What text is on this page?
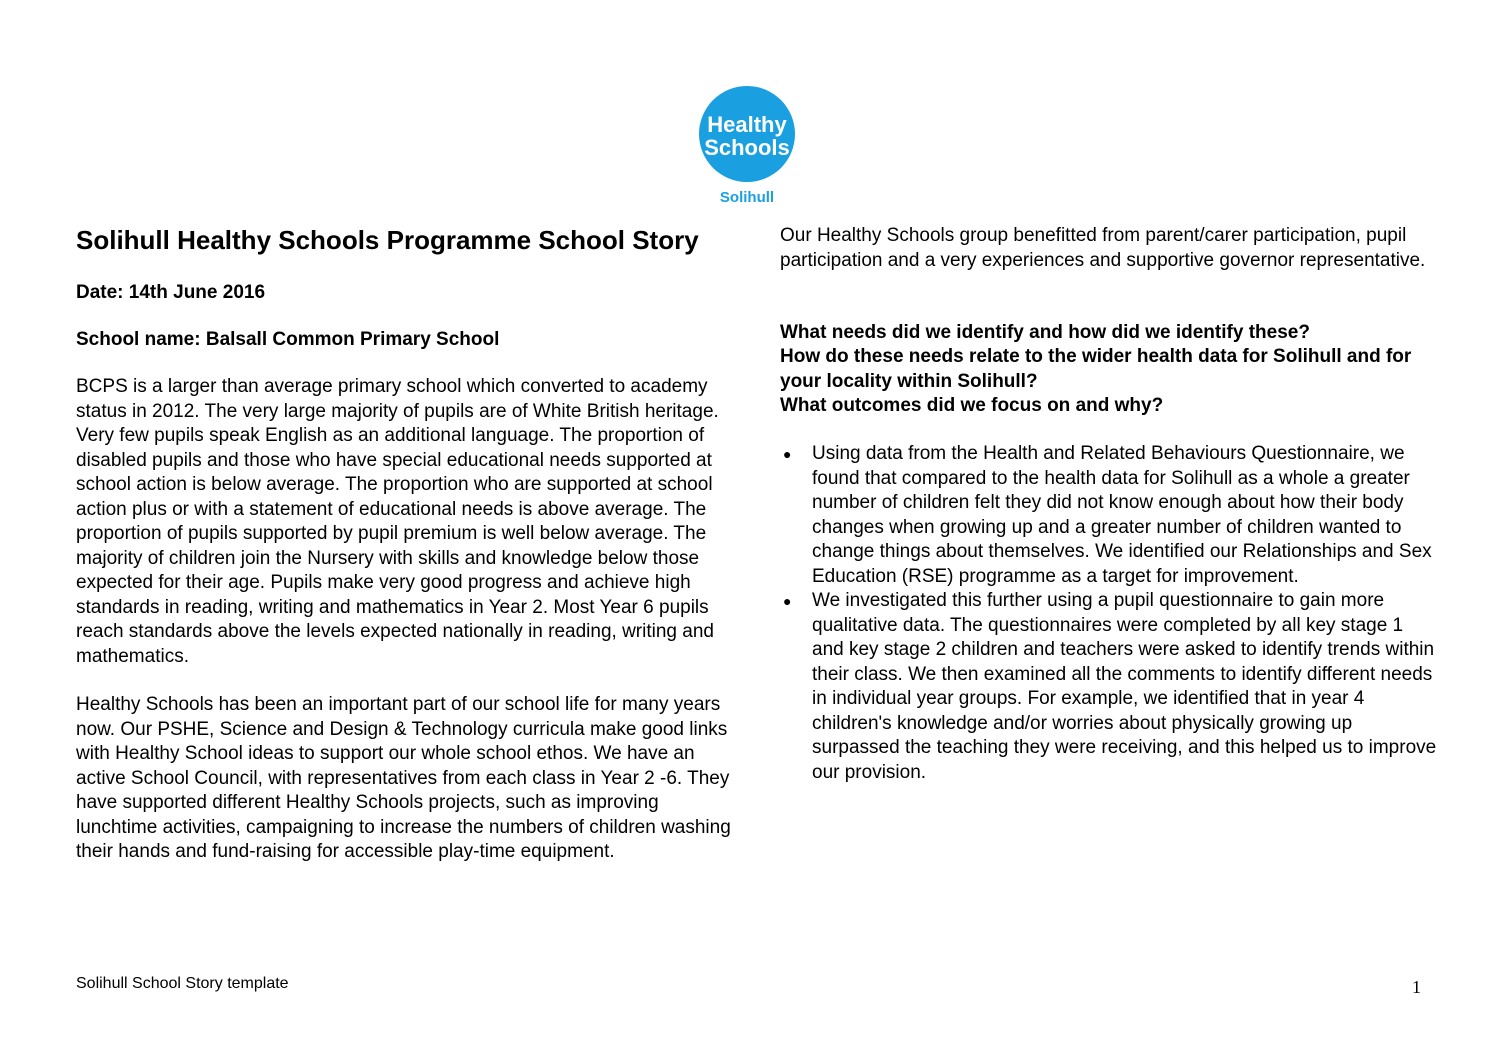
Healthy
Schools
Solihull
Solihull Healthy Schools Programme School Story
Date: 14th June 2016
School name: Balsall Common Primary School

BCPS is a larger than average primary school which converted to academy status in 2012. The very large majority of pupils are of White British heritage. Very few pupils speak English as an additional language. The proportion of disabled pupils and those who have special educational needs supported at school action is below average. The proportion who are supported at school action plus or with a statement of educational needs is above average. The proportion of pupils supported by pupil premium is well below average. The majority of children join the Nursery with skills and knowledge below those expected for their age. Pupils make very good progress and achieve high standards in reading, writing and mathematics in Year 2. Most Year 6 pupils reach standards above the levels expected nationally in reading, writing and mathematics.

Healthy Schools has been an important part of our school life for many years now. Our PSHE, Science and Design & Technology curricula make good links with Healthy School ideas to support our whole school ethos. We have an active School Council, with representatives from each class in Year 2 -6. They have supported different Healthy Schools projects, such as improving lunchtime activities, campaigning to increase the numbers of children washing their hands and fund-raising for accessible play-time equipment.

Our Healthy Schools group benefitted from parent/carer participation, pupil participation and a very experiences and supportive governor representative.

What needs did we identify and how did we identify these?
How do these needs relate to the wider health data for Solihull and for your locality within Solihull?
What outcomes did we focus on and why?
● Using data from the Health and Related Behaviours Questionnaire, we found that compared to the health data for Solihull as a whole a greater number of children felt they did not know enough about how their body changes when growing up and a greater number of children wanted to change things about themselves. We identified our Relationships and Sex Education (RSE) programme as a target for improvement.
● We investigated this further using a pupil questionnaire to gain more qualitative data. The questionnaires were completed by all key stage 1 and key stage 2 children and teachers were asked to identify trends within their class. We then examined all the comments to identify different needs in individual year groups. For example, we identified that in year 4 children's knowledge and/or worries about physically growing up surpassed the teaching they were receiving, and this helped us to improve our provision.
Solihull School Story template	1
